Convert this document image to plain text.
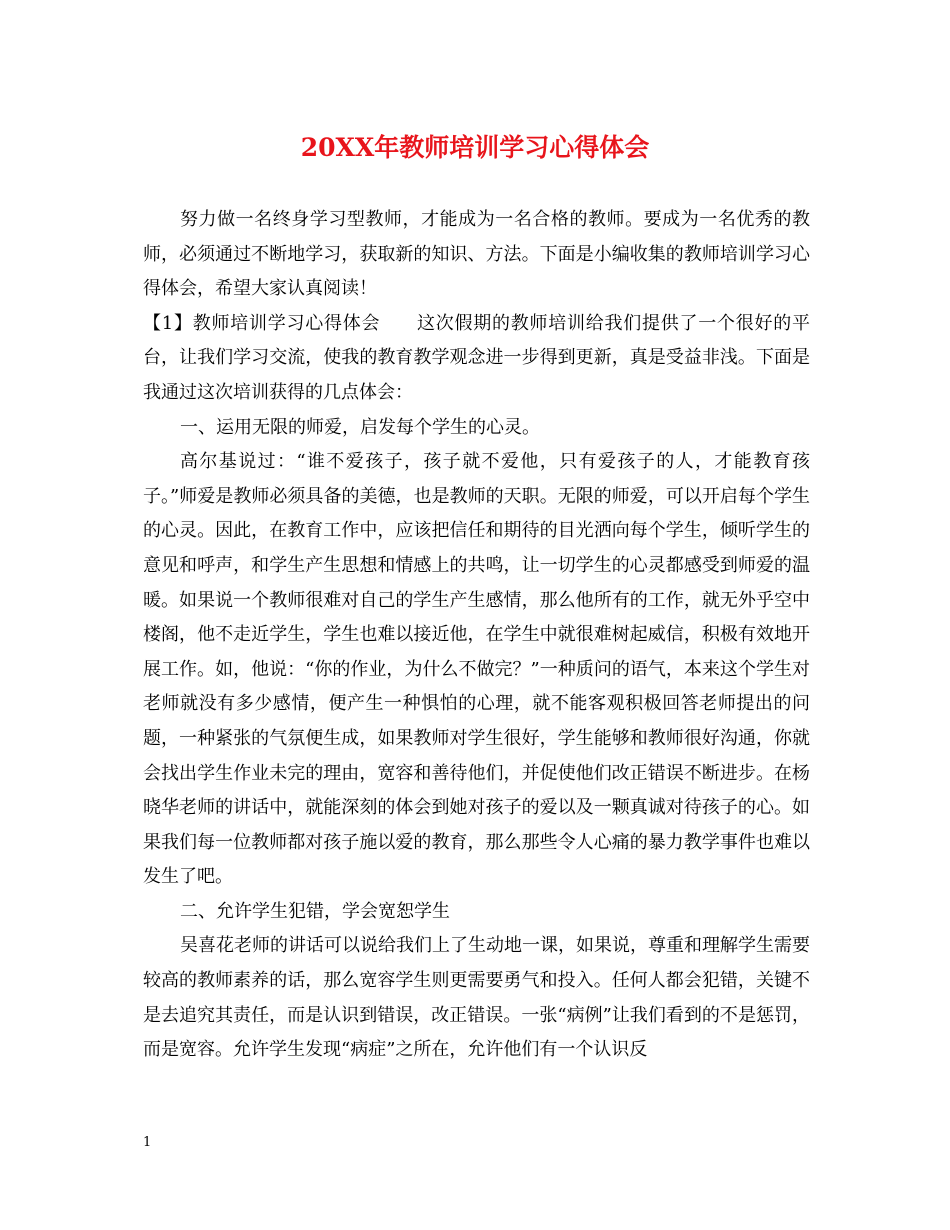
20XX年教师培训学习心得体会

努力做一名终身学习型教师，才能成为一名合格的教师。要成为一名优秀的教师，必须通过不断地学习，获取新的知识、方法。下面是小编收集的教师培训学习心得体会，希望大家认真阅读！

【1】教师培训学习心得体会 这次假期的教师培训给我们提供了一个很好的平台，让我们学习交流，使我的教育教学观念进一步得到更新，真是受益非浅。下面是我通过这次培训获得的几点体会：

一、运用无限的师爱，启发每个学生的心灵。

高尔基说过：“谁不爱孩子，孩子就不爱他，只有爱孩子的人，才能教育孩子。”师爱是教师必须具备的美德，也是教师的天职。无限的师爱，可以开启每个学生的心灵。因此，在教育工作中，应该把信任和期待的目光洒向每个学生，倾听学生的意见和呼声，和学生产生思想和情感上的共鸣，让一切学生的心灵都感受到师爱的温暖。如果说一个教师很难对自己的学生产生感情，那么他所有的工作，就无外乎空中楼阁，他不走近学生，学生也难以接近他，在学生中就很难树起威信，积极有效地开展工作。如，他说：“你的作业，为什么不做完？”一种质问的语气，本来这个学生对老师就没有多少感情，便产生一种惧怕的心理，就不能客观积极回答老师提出的问题，一种紧张的气氛便生成，如果教师对学生很好，学生能够和教师很好沟通，你就会找出学生作业未完的理由，宽容和善待他们，并促使他们改正错误不断进步。在杨晓华老师的讲话中，就能深刻的体会到她对孩子的爱以及一颗真诚对待孩子的心。如果我们每一位教师都对孩子施以爱的教育，那么那些令人心痛的暴力教学事件也难以发生了吧。

二、允许学生犯错，学会宽恕学生

吴喜花老师的讲话可以说给我们上了生动地一课，如果说，尊重和理解学生需要较高的教师素养的话，那么宽容学生则更需要勇气和投入。任何人都会犯错，关键不是去追究其责任，而是认识到错误，改正错误。一张“病例”让我们看到的不是惩罚，而是宽容。允许学生发现“病症”之所在，允许他们有一个认识反

1
